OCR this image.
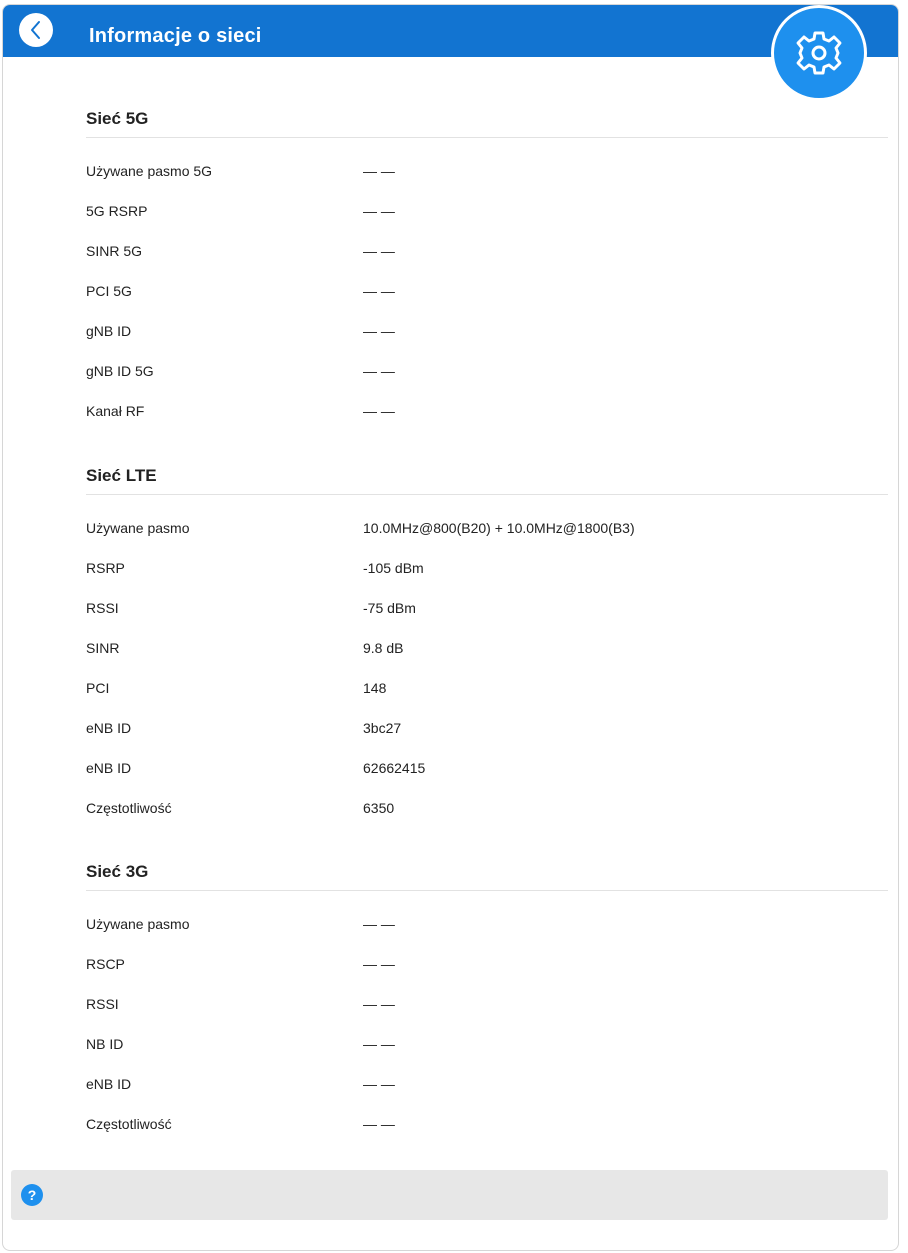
Informacje o sieci
Sieć 5G
Używane pasmo 5G	— —
5G RSRP	— —
SINR 5G	— —
PCI 5G	— —
gNB ID	— —
gNB ID 5G	— —
Kanał RF	— —
Sieć LTE
Używane pasmo	10.0MHz@800(B20) + 10.0MHz@1800(B3)
RSRP	-105 dBm
RSSI	-75 dBm
SINR	9.8 dB
PCI	148
eNB ID	3bc27
eNB ID	62662415
Częstotliwość	6350
Sieć 3G
Używane pasmo	— —
RSCP	— —
RSSI	— —
NB ID	— —
eNB ID	— —
Częstotliwość	— —
?
